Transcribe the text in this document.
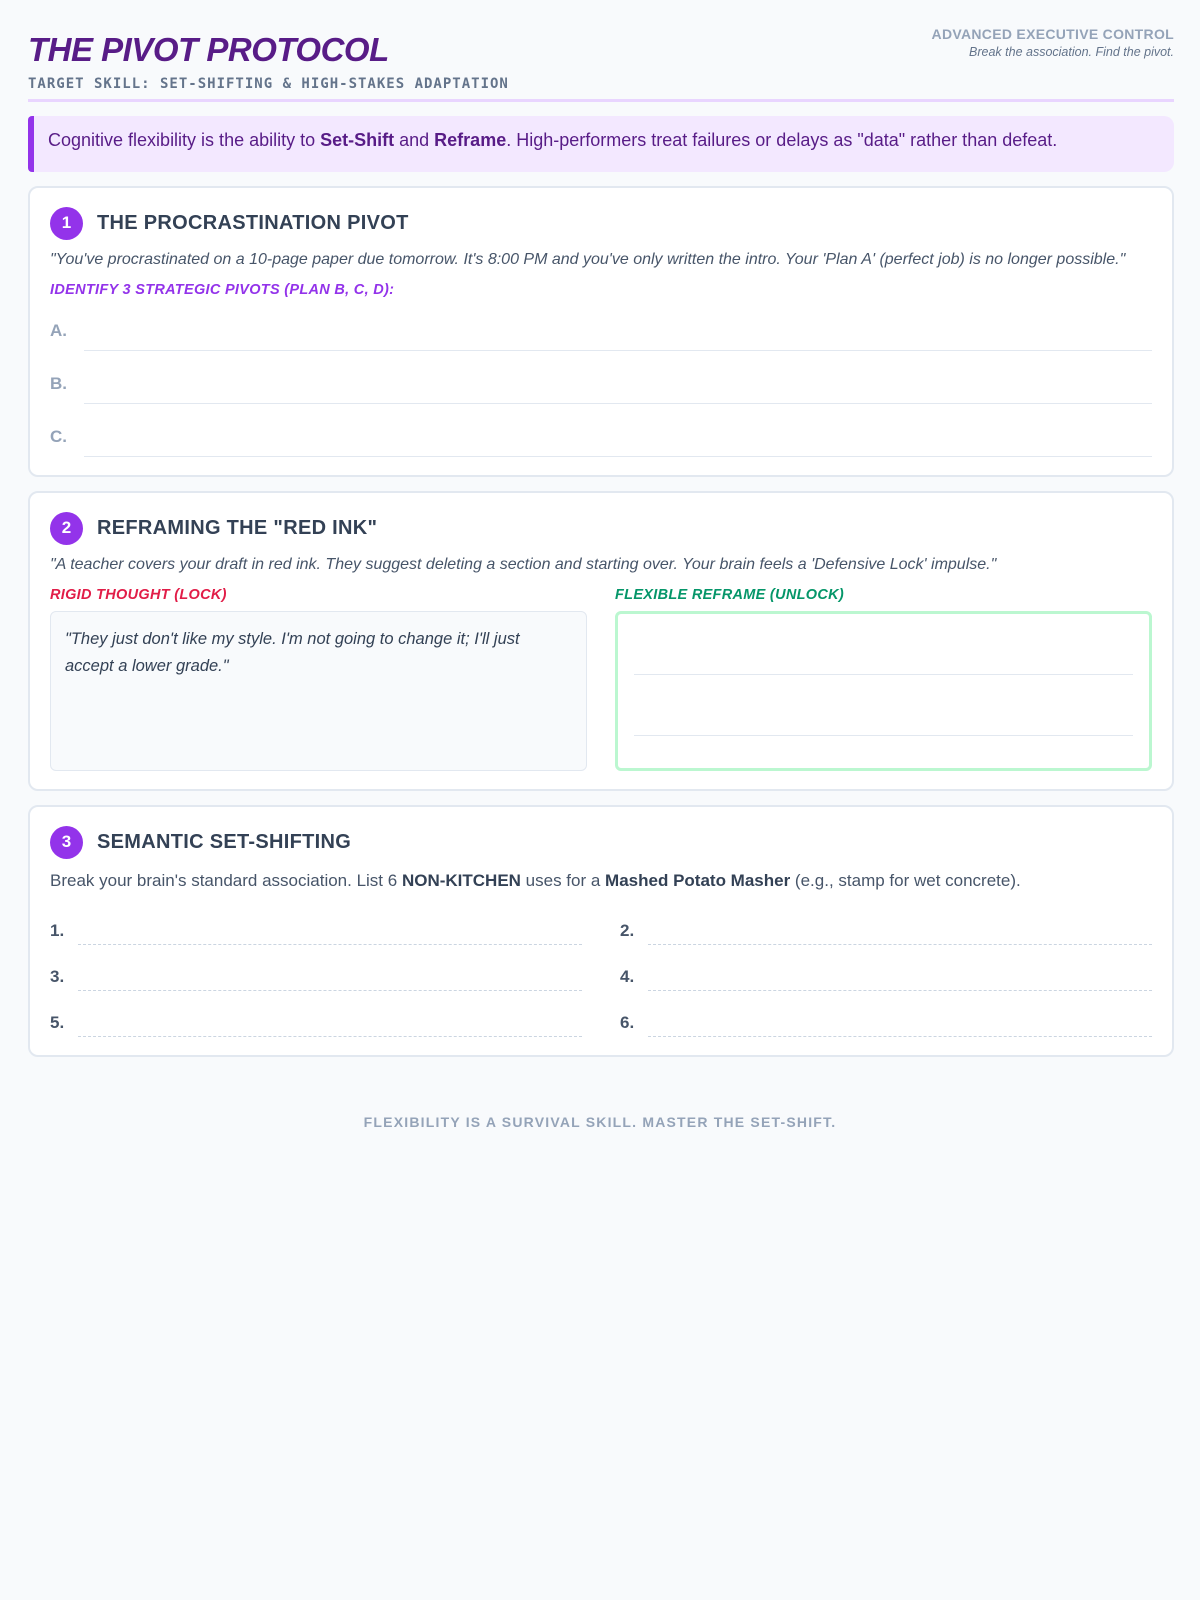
THE PIVOT PROTOCOL
TARGET SKILL: SET-SHIFTING & HIGH-STAKES ADAPTATION
ADVANCED EXECUTIVE CONTROL
Break the association. Find the pivot.
Cognitive flexibility is the ability to Set-Shift and Reframe. High-performers treat failures or delays as "data" rather than defeat.
1	THE PROCRASTINATION PIVOT
"You've procrastinated on a 10-page paper due tomorrow. It's 8:00 PM and you've only written the intro. Your 'Plan A' (perfect job) is no longer possible."
IDENTIFY 3 STRATEGIC PIVOTS (PLAN B, C, D):
A.
B.
C.
2	REFRAMING THE "RED INK"
"A teacher covers your draft in red ink. They suggest deleting a section and starting over. Your brain feels a 'Defensive Lock' impulse."
RIGID THOUGHT (LOCK)
"They just don't like my style. I'm not going to change it; I'll just accept a lower grade."
FLEXIBLE REFRAME (UNLOCK)
3	SEMANTIC SET-SHIFTING
Break your brain's standard association. List 6 NON-KITCHEN uses for a Mashed Potato Masher (e.g., stamp for wet concrete).
1.	2.
3.	4.
5.	6.
FLEXIBILITY IS A SURVIVAL SKILL. MASTER THE SET-SHIFT.
